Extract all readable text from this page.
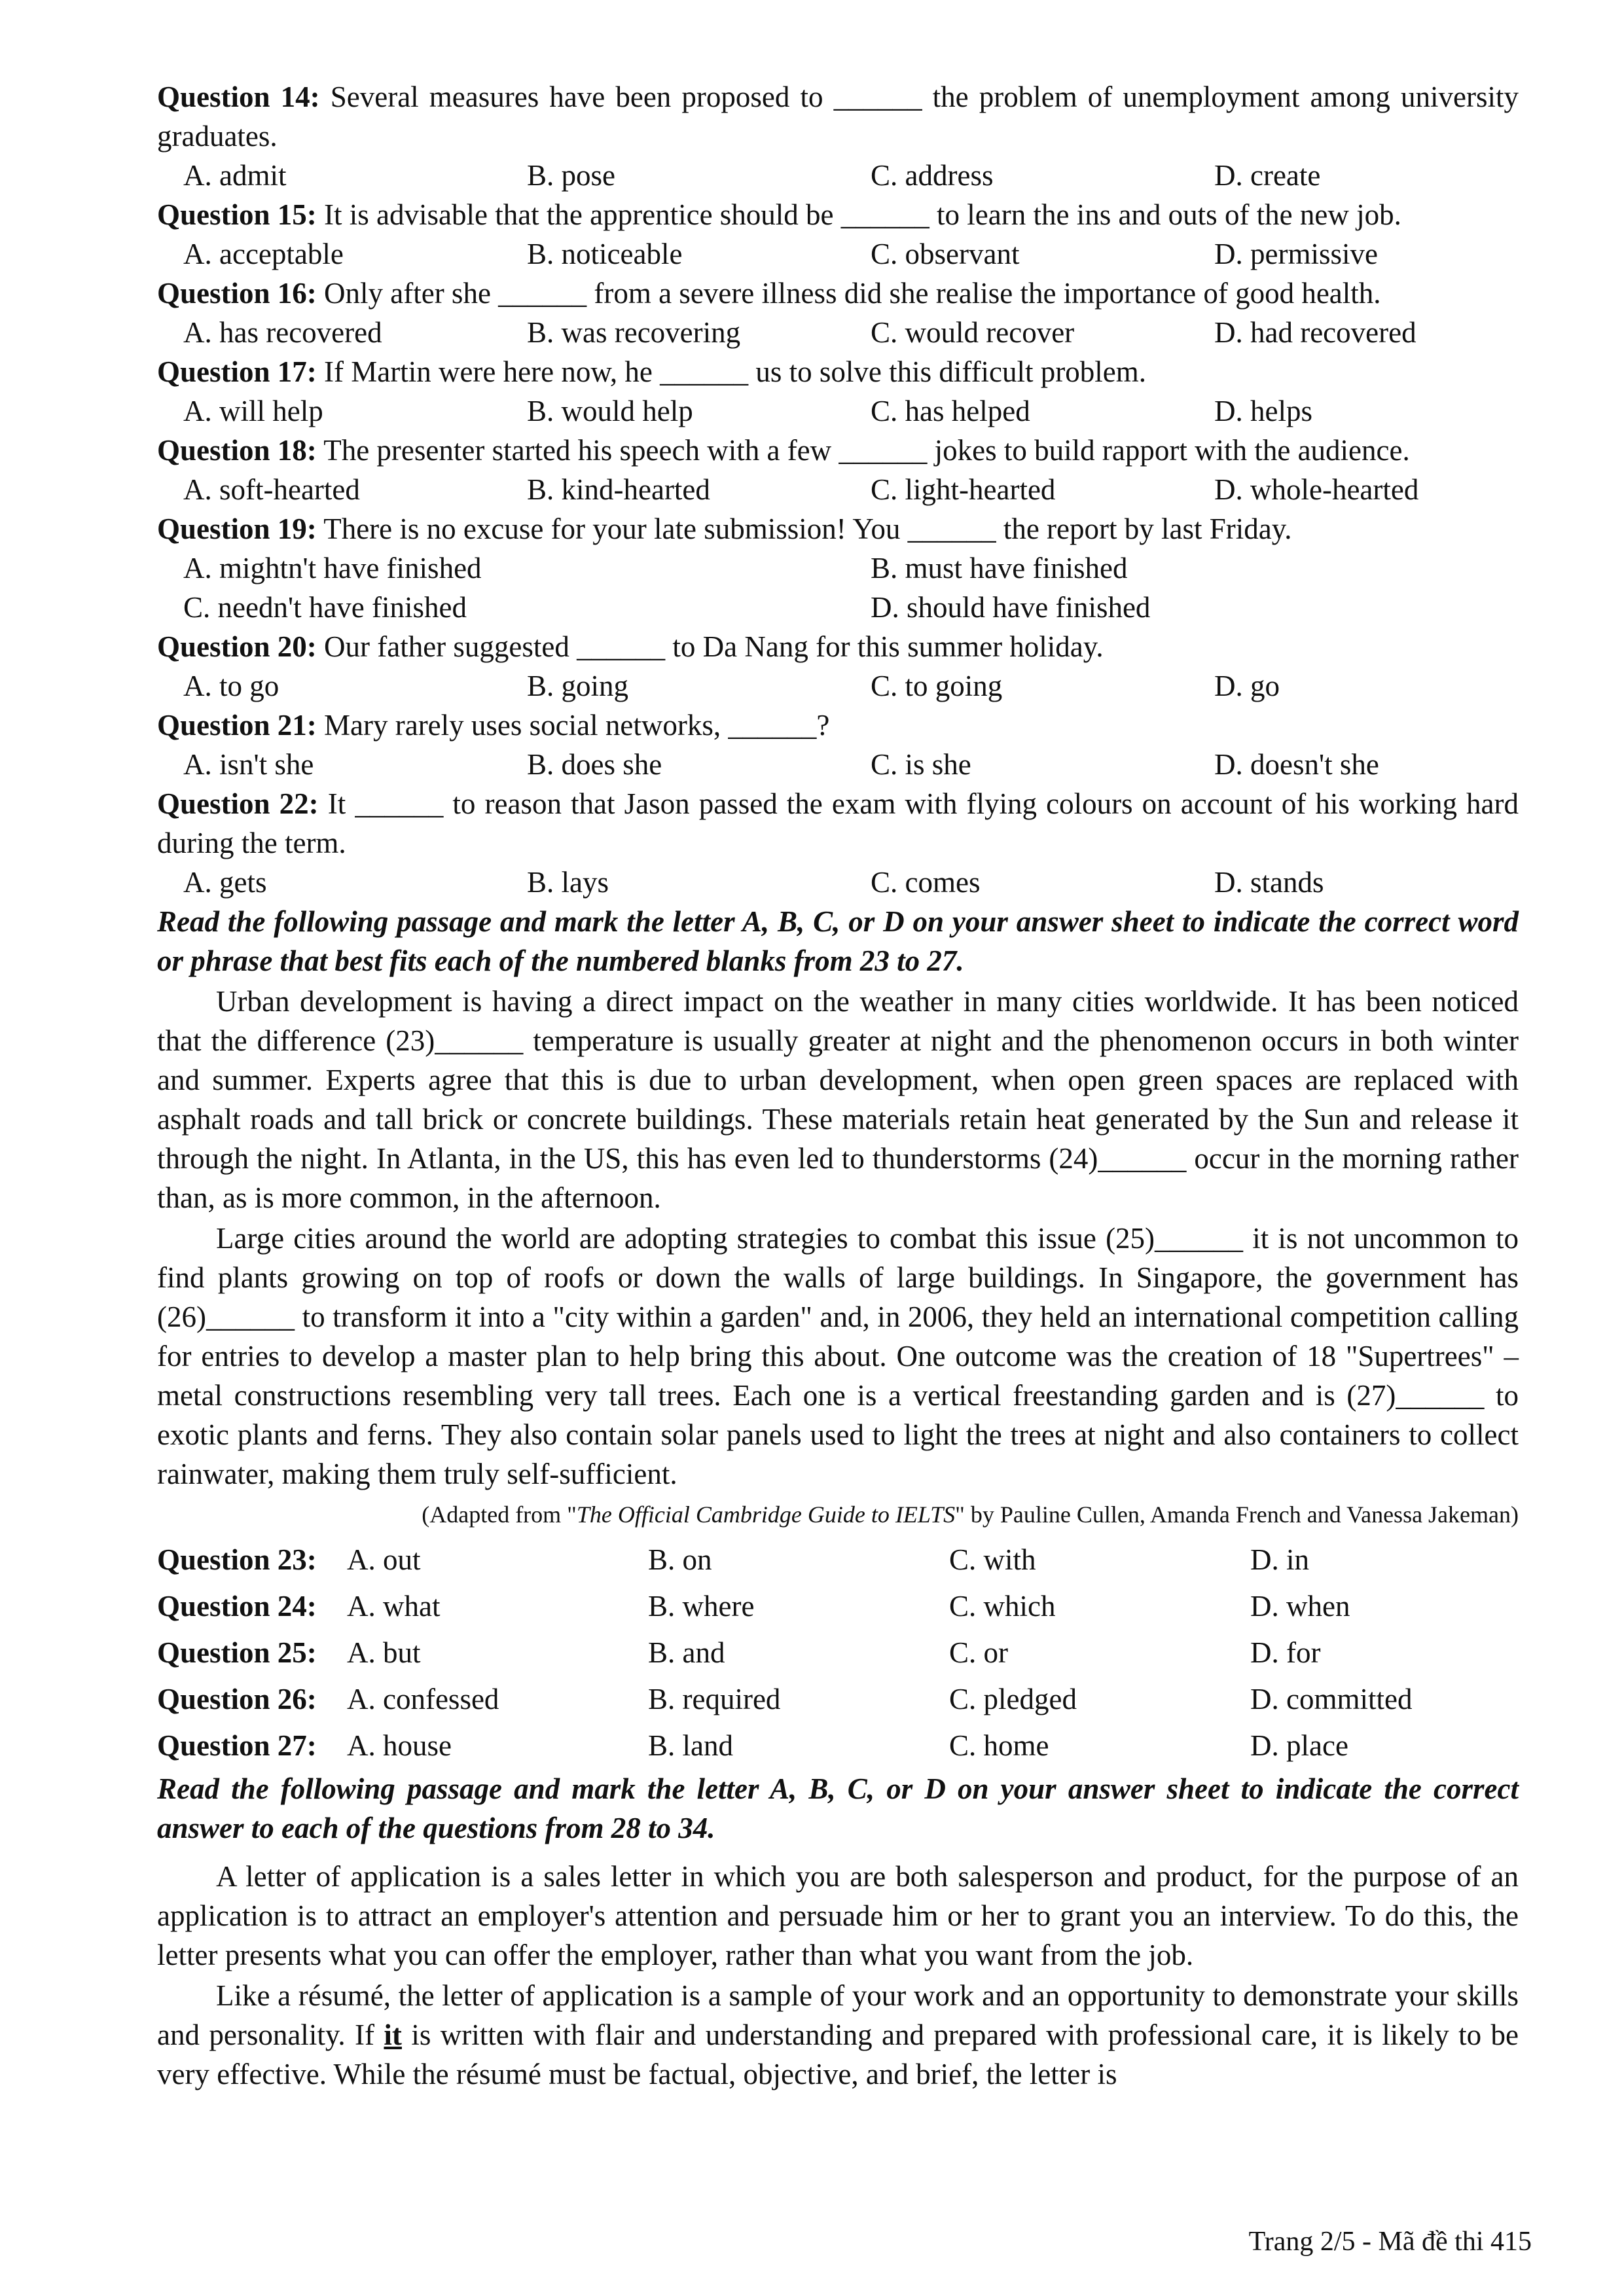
Question 14: Several measures have been proposed to ______ the problem of unemployment among university graduates.
A. admit	B. pose	C. address	D. create
Question 15: It is advisable that the apprentice should be ______ to learn the ins and outs of the new job.
A. acceptable	B. noticeable	C. observant	D. permissive
Question 16: Only after she ______ from a severe illness did she realise the importance of good health.
A. has recovered	B. was recovering	C. would recover	D. had recovered
Question 17: If Martin were here now, he ______ us to solve this difficult problem.
A. will help	B. would help	C. has helped	D. helps
Question 18: The presenter started his speech with a few ______ jokes to build rapport with the audience.
A. soft-hearted	B. kind-hearted	C. light-hearted	D. whole-hearted
Question 19: There is no excuse for your late submission! You ______ the report by last Friday.
A. mightn't have finished	B. must have finished
C. needn't have finished	D. should have finished
Question 20: Our father suggested ______ to Da Nang for this summer holiday.
A. to go	B. going	C. to going	D. go
Question 21: Mary rarely uses social networks, ______?
A. isn't she	B. does she	C. is she	D. doesn't she
Question 22: It ______ to reason that Jason passed the exam with flying colours on account of his working hard during the term.
A. gets	B. lays	C. comes	D. stands
Read the following passage and mark the letter A, B, C, or D on your answer sheet to indicate the correct word or phrase that best fits each of the numbered blanks from 23 to 27.
Urban development is having a direct impact on the weather in many cities worldwide. It has been noticed that the difference (23)______ temperature is usually greater at night and the phenomenon occurs in both winter and summer. Experts agree that this is due to urban development, when open green spaces are replaced with asphalt roads and tall brick or concrete buildings. These materials retain heat generated by the Sun and release it through the night. In Atlanta, in the US, this has even led to thunderstorms (24)______ occur in the morning rather than, as is more common, in the afternoon.
Large cities around the world are adopting strategies to combat this issue (25)______ it is not uncommon to find plants growing on top of roofs or down the walls of large buildings. In Singapore, the government has (26)______ to transform it into a "city within a garden" and, in 2006, they held an international competition calling for entries to develop a master plan to help bring this about. One outcome was the creation of 18 "Supertrees" – metal constructions resembling very tall trees. Each one is a vertical freestanding garden and is (27)______ to exotic plants and ferns. They also contain solar panels used to light the trees at night and also containers to collect rainwater, making them truly self-sufficient.
(Adapted from "The Official Cambridge Guide to IELTS" by Pauline Cullen, Amanda French and Vanessa Jakeman)
Question 23:	A. out	B. on	C. with	D. in
Question 24:	A. what	B. where	C. which	D. when
Question 25:	A. but	B. and	C. or	D. for
Question 26:	A. confessed	B. required	C. pledged	D. committed
Question 27:	A. house	B. land	C. home	D. place
Read the following passage and mark the letter A, B, C, or D on your answer sheet to indicate the correct answer to each of the questions from 28 to 34.
A letter of application is a sales letter in which you are both salesperson and product, for the purpose of an application is to attract an employer's attention and persuade him or her to grant you an interview. To do this, the letter presents what you can offer the employer, rather than what you want from the job.
Like a résumé, the letter of application is a sample of your work and an opportunity to demonstrate your skills and personality. If it is written with flair and understanding and prepared with professional care, it is likely to be very effective. While the résumé must be factual, objective, and brief, the letter is
Trang 2/5 - Mã đề thi 415
